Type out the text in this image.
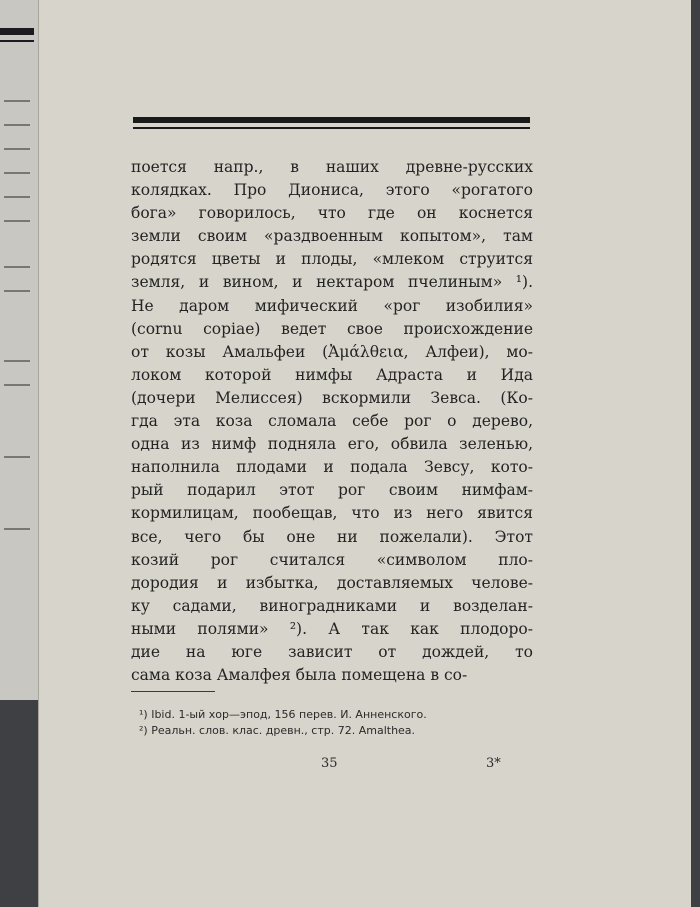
поется напр., в наших древне-русских
колядках. Про Диониса, этого «рогатого
бога» говорилось, что где он коснется
земли своим «раздвоенным копытом», там
родятся цветы и плоды, «млеком струится
земля, и вином, и нектаром пчелиным» ¹).
Не даром мифический «рог изобилия»
(cornu copiae) ведет свое происхождение
от козы Амальфеи (Ἀμάλθεια, Алфеи), мо-
локом которой нимфы Адраста и Ида
(дочери Мелиссея) вскормили Зевса. (Ко-
гда эта коза сломала себе рог о дерево,
одна из нимф подняла его, обвила зеленью,
наполнила плодами и подала Зевсу, кото-
рый подарил этот рог своим нимфам-
кормилицам, пообещав, что из него явится
все, чего бы оне ни пожелали). Этот
козий рог считался «символом пло-
дородия и избытка, доставляемых челове-
ку садами, виноградниками и возделан-
ными полями» ²). А так как плодоро-
дие на юге зависит от дождей, то
сама коза Амалфея была помещена в со-
¹) Ibid. 1-ый хор—эпод, 156 перев. И. Анненского.
²) Реальн. слов. клас. древн., стр. 72. Amalthea.
35	3*
